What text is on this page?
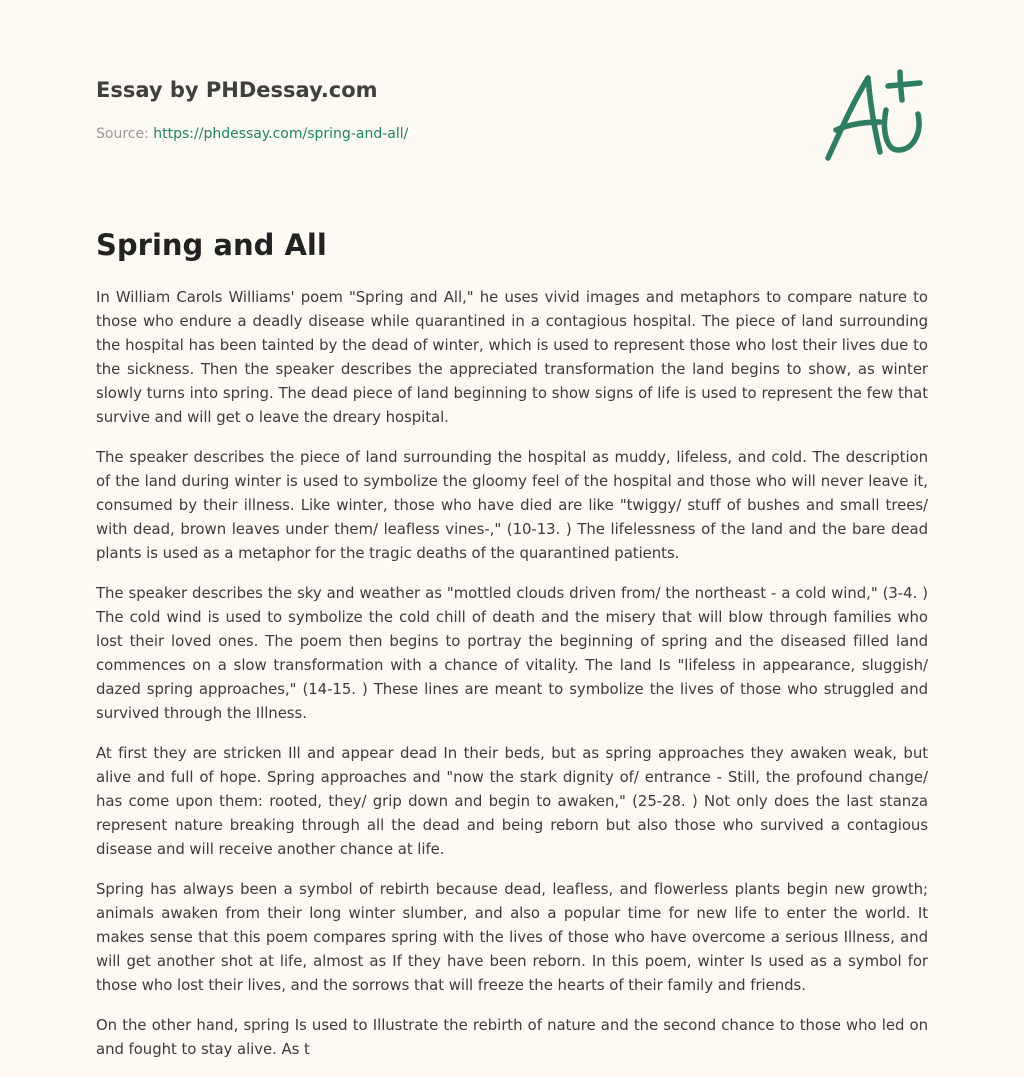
Essay by PHDessay.com
Source: https://phdessay.com/spring-and-all/
Spring and All

In William Carols Williams' poem "Spring and All," he uses vivid images and metaphors to compare nature to those who endure a deadly disease while quarantined in a contagious hospital. The piece of land surrounding the hospital has been tainted by the dead of winter, which is used to represent those who lost their lives due to the sickness. Then the speaker describes the appreciated transformation the land begins to show, as winter slowly turns into spring. The dead piece of land beginning to show signs of life is used to represent the few that survive and will get o leave the dreary hospital.

The speaker describes the piece of land surrounding the hospital as muddy, lifeless, and cold. The description of the land during winter is used to symbolize the gloomy feel of the hospital and those who will never leave it, consumed by their illness. Like winter, those who have died are like "twiggy/ stuff of bushes and small trees/ with dead, brown leaves under them/ leafless vines-," (10-13. ) The lifelessness of the land and the bare dead plants is used as a metaphor for the tragic deaths of the quarantined patients.

The speaker describes the sky and weather as "mottled clouds driven from/ the northeast - a cold wind," (3-4. ) The cold wind is used to symbolize the cold chill of death and the misery that will blow through families who lost their loved ones. The poem then begins to portray the beginning of spring and the diseased filled land commences on a slow transformation with a chance of vitality. The land Is "lifeless in appearance, sluggish/ dazed spring approaches," (14-15. ) These lines are meant to symbolize the lives of those who struggled and survived through the Illness.

At first they are stricken Ill and appear dead In their beds, but as spring approaches they awaken weak, but alive and full of hope. Spring approaches and "now the stark dignity of/ entrance - Still, the profound change/ has come upon them: rooted, they/ grip down and begin to awaken," (25-28. ) Not only does the last stanza represent nature breaking through all the dead and being reborn but also those who survived a contagious disease and will receive another chance at life.

Spring has always been a symbol of rebirth because dead, leafless, and flowerless plants begin new growth; animals awaken from their long winter slumber, and also a popular time for new life to enter the world. It makes sense that this poem compares spring with the lives of those who have overcome a serious Illness, and will get another shot at life, almost as If they have been reborn. In this poem, winter Is used as a symbol for those who lost their lives, and the sorrows that will freeze the hearts of their family and friends.

On the other hand, spring Is used to Illustrate the rebirth of nature and the second chance to those who led on and fought to stay alive. As t
